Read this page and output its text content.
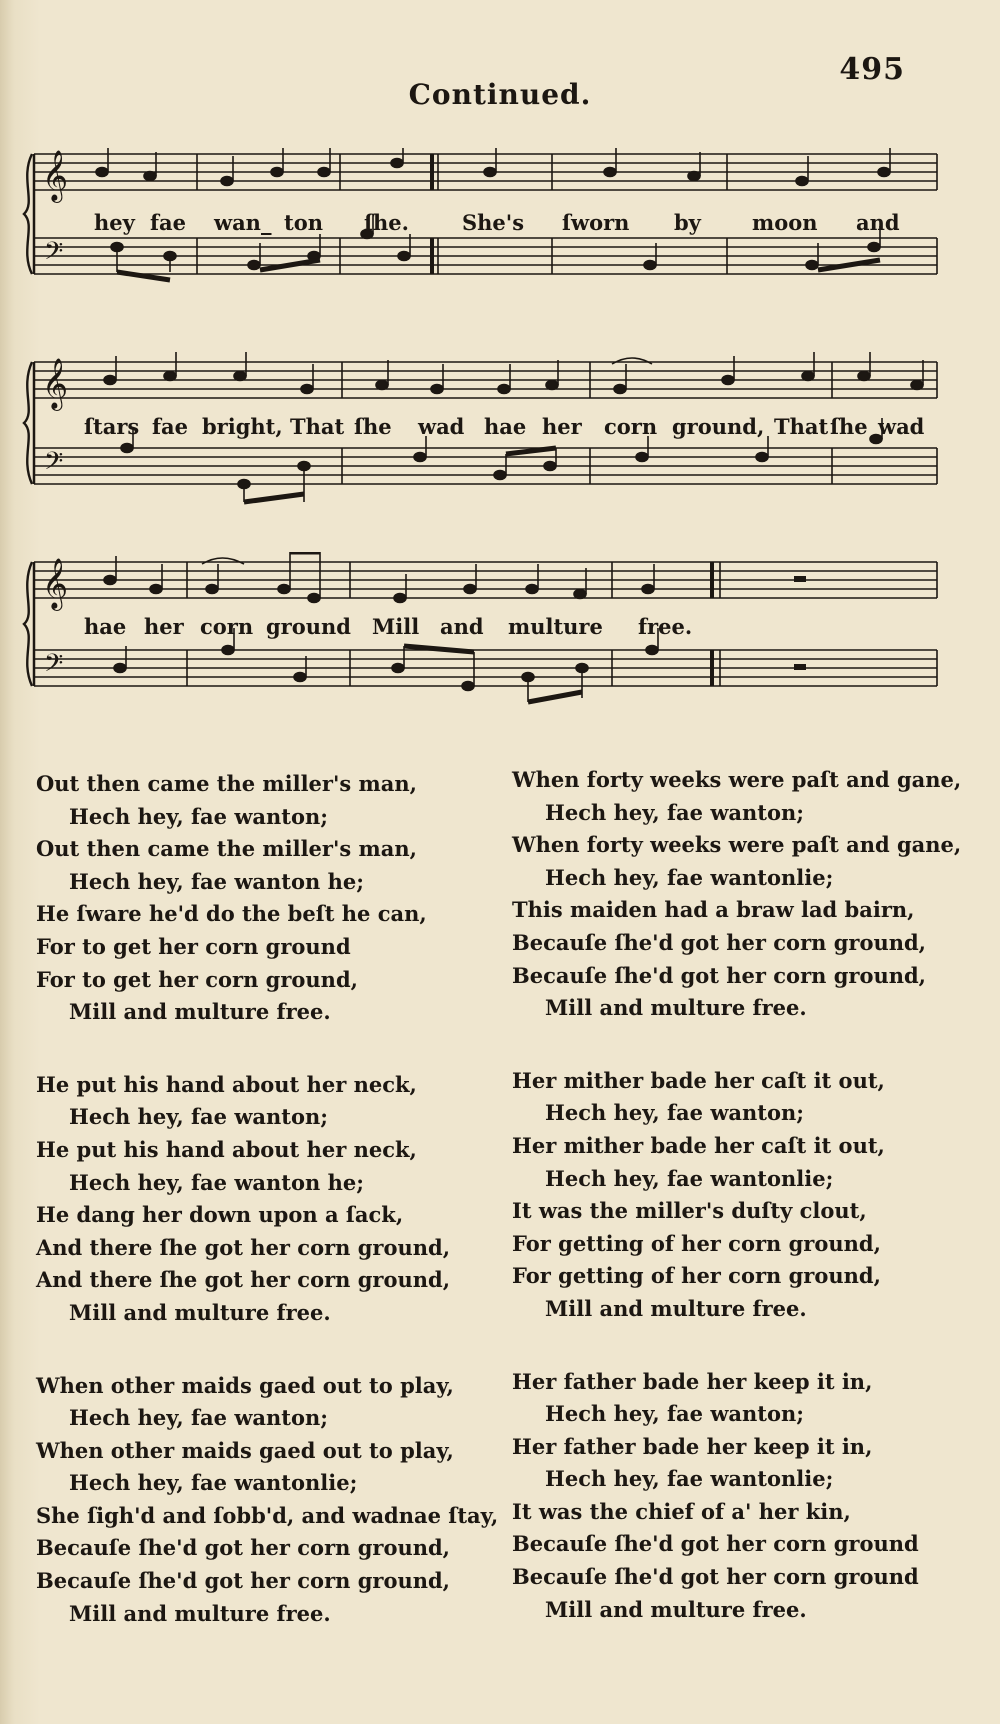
495
Continued.
𝄞
𝄢
hey fae wan_ ton ſhe.	She's ſworn by moon and
𝄞
𝄢
ſtars fae bright, That ſhe wad hae her corn ground, That ſhe wad
𝄞
𝄢
hae her corn ground Mill and multure free.
Out then came the miller's man,
Hech hey, fae wanton;
Out then came the miller's man,
Hech hey, fae wanton he;
He ſware he'd do the beſt he can,
For to get her corn ground
For to get her corn ground,
Mill and multure free.
He put his hand about her neck,
Hech hey, fae wanton;
He put his hand about her neck,
Hech hey, fae wanton he;
He dang her down upon a ſack,
And there ſhe got her corn ground,
And there ſhe got her corn ground,
Mill and multure free.
When other maids gaed out to play,
Hech hey, fae wanton;
When other maids gaed out to play,
Hech hey, fae wantonlie;
She ſigh'd and ſobb'd, and wadnae ſtay,
Becauſe ſhe'd got her corn ground,
Becauſe ſhe'd got her corn ground,
Mill and multure free.
When forty weeks were paſt and gane,
Hech hey, fae wanton;
When forty weeks were paſt and gane,
Hech hey, fae wantonlie;
This maiden had a braw lad bairn,
Becauſe ſhe'd got her corn ground,
Becauſe ſhe'd got her corn ground,
Mill and multure free.
Her mither bade her caſt it out,
Hech hey, fae wanton;
Her mither bade her caſt it out,
Hech hey, fae wantonlie;
It was the miller's duſty clout,
For getting of her corn ground,
For getting of her corn ground,
Mill and multure free.
Her father bade her keep it in,
Hech hey, fae wanton;
Her father bade her keep it in,
Hech hey, fae wantonlie;
It was the chief of a' her kin,
Becauſe ſhe'd got her corn ground
Becauſe ſhe'd got her corn ground
Mill and multure free.
